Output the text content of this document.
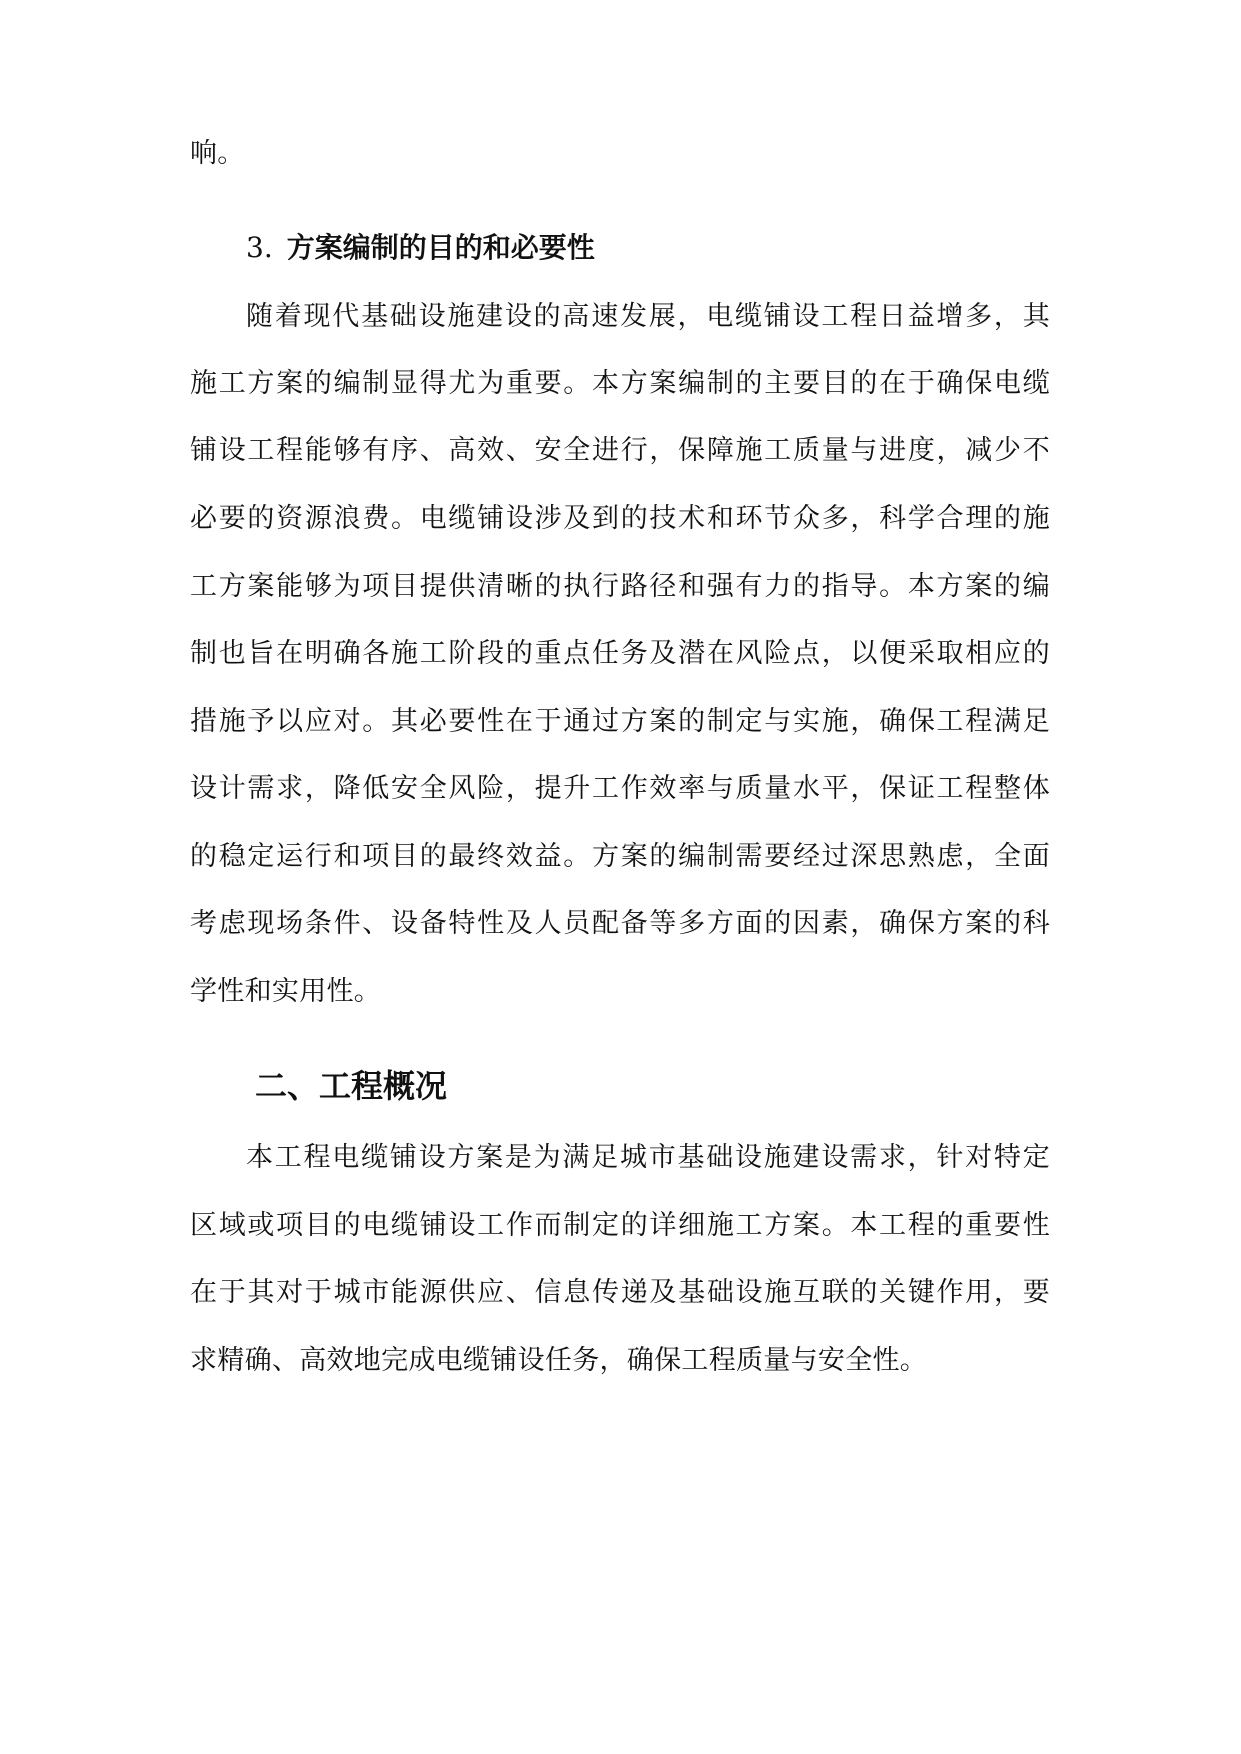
响。
3. 方案编制的目的和必要性
随着现代基础设施建设的高速发展，电缆铺设工程日益增多，其
施工方案的编制显得尤为重要。本方案编制的主要目的在于确保电缆
铺设工程能够有序、高效、安全进行，保障施工质量与进度，减少不
必要的资源浪费。电缆铺设涉及到的技术和环节众多，科学合理的施
工方案能够为项目提供清晰的执行路径和强有力的指导。本方案的编
制也旨在明确各施工阶段的重点任务及潜在风险点，以便采取相应的
措施予以应对。其必要性在于通过方案的制定与实施，确保工程满足
设计需求，降低安全风险，提升工作效率与质量水平，保证工程整体
的稳定运行和项目的最终效益。方案的编制需要经过深思熟虑，全面
考虑现场条件、设备特性及人员配备等多方面的因素，确保方案的科
学性和实用性。
二、工程概况
本工程电缆铺设方案是为满足城市基础设施建设需求，针对特定
区域或项目的电缆铺设工作而制定的详细施工方案。本工程的重要性
在于其对于城市能源供应、信息传递及基础设施互联的关键作用，要
求精确、高效地完成电缆铺设任务，确保工程质量与安全性。
